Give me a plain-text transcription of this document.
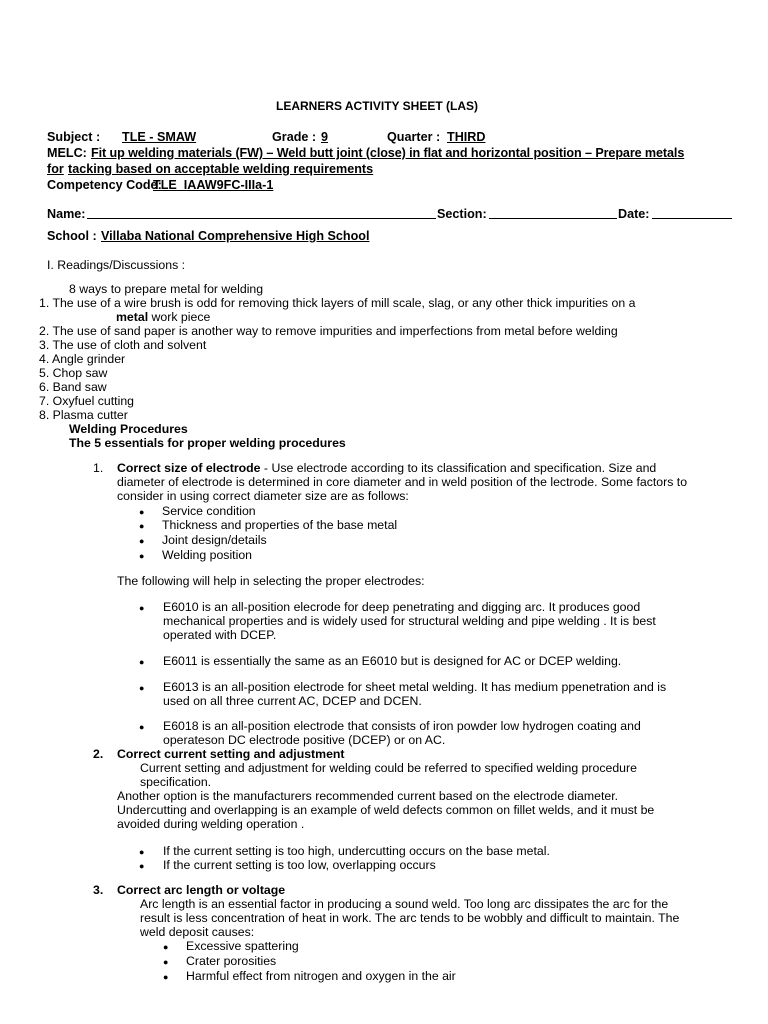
LEARNERS ACTIVITY SHEET (LAS)
Subject : TLE - SMAW	Grade : 9	Quarter : THIRD
MELC: Fit up welding materials (FW) – Weld butt joint (close) in flat and horizontal position – Prepare metals
for tacking based on acceptable welding requirements
Competency Code:
TLE_IAAW9FC-IIIa-1
Name:	Section:	Date:
School : Villaba National Comprehensive High School
I. Readings/Discussions :
8 ways to prepare metal for welding
1. The use of a wire brush is odd for removing thick layers of mill scale, slag, or any other thick impurities on a
metal work piece
2. The use of sand paper is another way to remove impurities and imperfections from metal before welding
3. The use of cloth and solvent
4. Angle grinder
5. Chop saw
6. Band saw
7. Oxyfuel cutting
8. Plasma cutter
Welding Procedures
The 5 essentials for proper welding procedures
1. Correct size of electrode - Use electrode according to its classification and specification. Size and
diameter of electrode is determined in core diameter and in weld position of the lectrode. Some factors to
consider in using correct diameter size are as follows:
● Service condition
● Thickness and properties of the base metal
● Joint design/details
● Welding position
The following will help in selecting the proper electrodes:
● E6010 is an all-position elecrode for deep penetrating and digging arc. It produces good
mechanical properties and is widely used for structural welding and pipe welding . It is best
operated with DCEP.
● E6011 is essentially the same as an E6010 but is designed for AC or DCEP welding.
● E6013 is an all-position electrode for sheet metal welding. It has medium ppenetration and is
used on all three current AC, DCEP and DCEN.
● E6018 is an all-position electrode that consists of iron powder low hydrogen coating and
operateson DC electrode positive (DCEP) or on AC.
2. Correct current setting and adjustment
Current setting and adjustment for welding could be referred to specified welding procedure
specification.
Another option is the manufacturers recommended current based on the electrode diameter.
Undercutting and overlapping is an example of weld defects common on fillet welds, and it must be
avoided during welding operation .
● If the current setting is too high, undercutting occurs on the base metal.
● If the current setting is too low, overlapping occurs
3. Correct arc length or voltage
Arc length is an essential factor in producing a sound weld. Too long arc dissipates the arc for the
result is less concentration of heat in work. The arc tends to be wobbly and difficult to maintain. The
weld deposit causes:
● Excessive spattering
● Crater porosities
● Harmful effect from nitrogen and oxygen in the air
